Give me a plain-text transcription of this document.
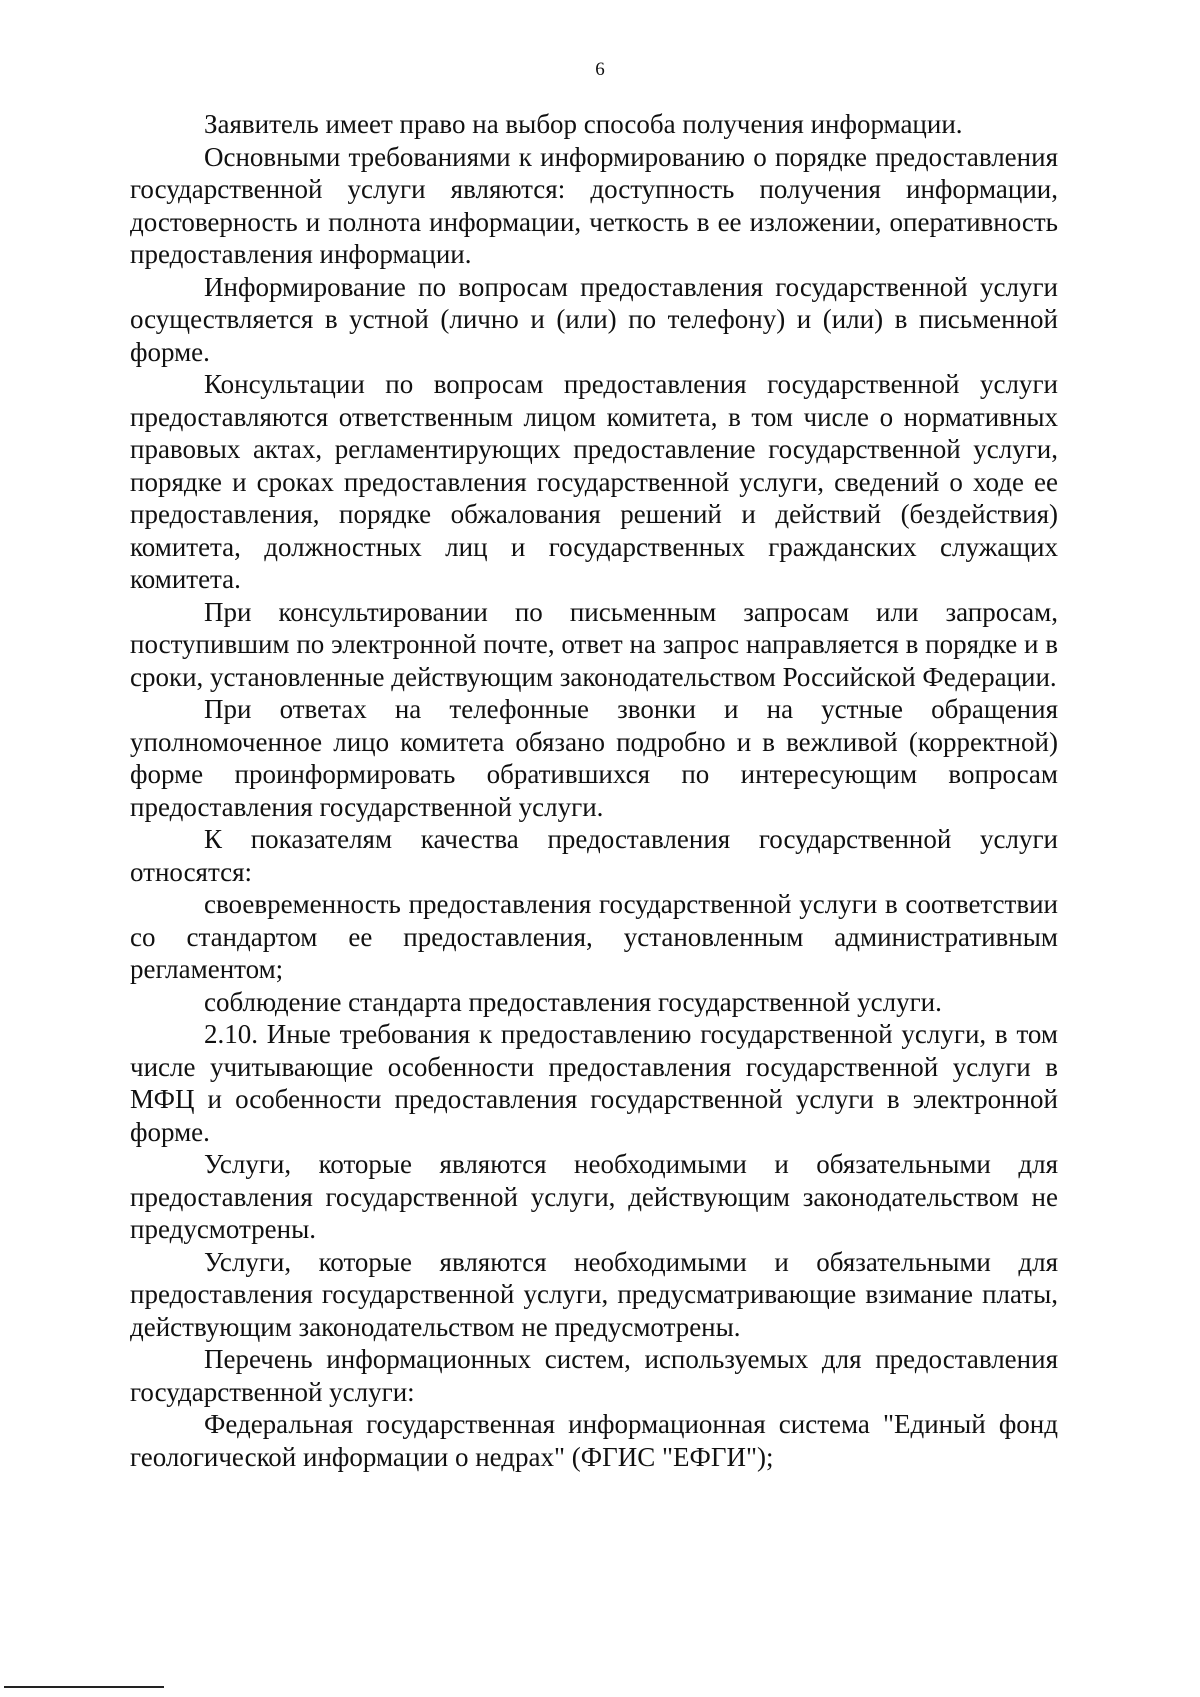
6

Заявитель имеет право на выбор способа получения информации.

Основными требованиями к информированию о порядке предоставления государственной услуги являются: доступность получения информации, достоверность и полнота информации, четкость в ее изложении, оперативность предоставления информации.

Информирование по вопросам предоставления государственной услуги осуществляется в устной (лично и (или) по телефону) и (или) в письменной форме.

Консультации по вопросам предоставления государственной услуги предоставляются ответственным лицом комитета, в том числе о нормативных правовых актах, регламентирующих предоставление государственной услуги, порядке и сроках предоставления государственной услуги, сведений о ходе ее предоставления, порядке обжалования решений и действий (бездействия) комитета, должностных лиц и государственных гражданских служащих комитета.

При консультировании по письменным запросам или запросам, поступившим по электронной почте, ответ на запрос направляется в порядке и в сроки, установленные действующим законодательством Российской Федерации.

При ответах на телефонные звонки и на устные обращения уполномоченное лицо комитета обязано подробно и в вежливой (корректной) форме проинформировать обратившихся по интересующим вопросам предоставления государственной услуги.

К показателям качества предоставления государственной услуги относятся:

своевременность предоставления государственной услуги в соответствии со стандартом ее предоставления, установленным административным регламентом;

соблюдение стандарта предоставления государственной услуги.

2.10. Иные требования к предоставлению государственной услуги, в том числе учитывающие особенности предоставления государственной услуги в МФЦ и особенности предоставления государственной услуги в электронной форме.

Услуги, которые являются необходимыми и обязательными для предоставления государственной услуги, действующим законодательством не предусмотрены.

Услуги, которые являются необходимыми и обязательными для предоставления государственной услуги, предусматривающие взимание платы, действующим законодательством не предусмотрены.

Перечень информационных систем, используемых для предоставления государственной услуги:

Федеральная государственная информационная система "Единый фонд геологической информации о недрах" (ФГИС "ЕФГИ");
